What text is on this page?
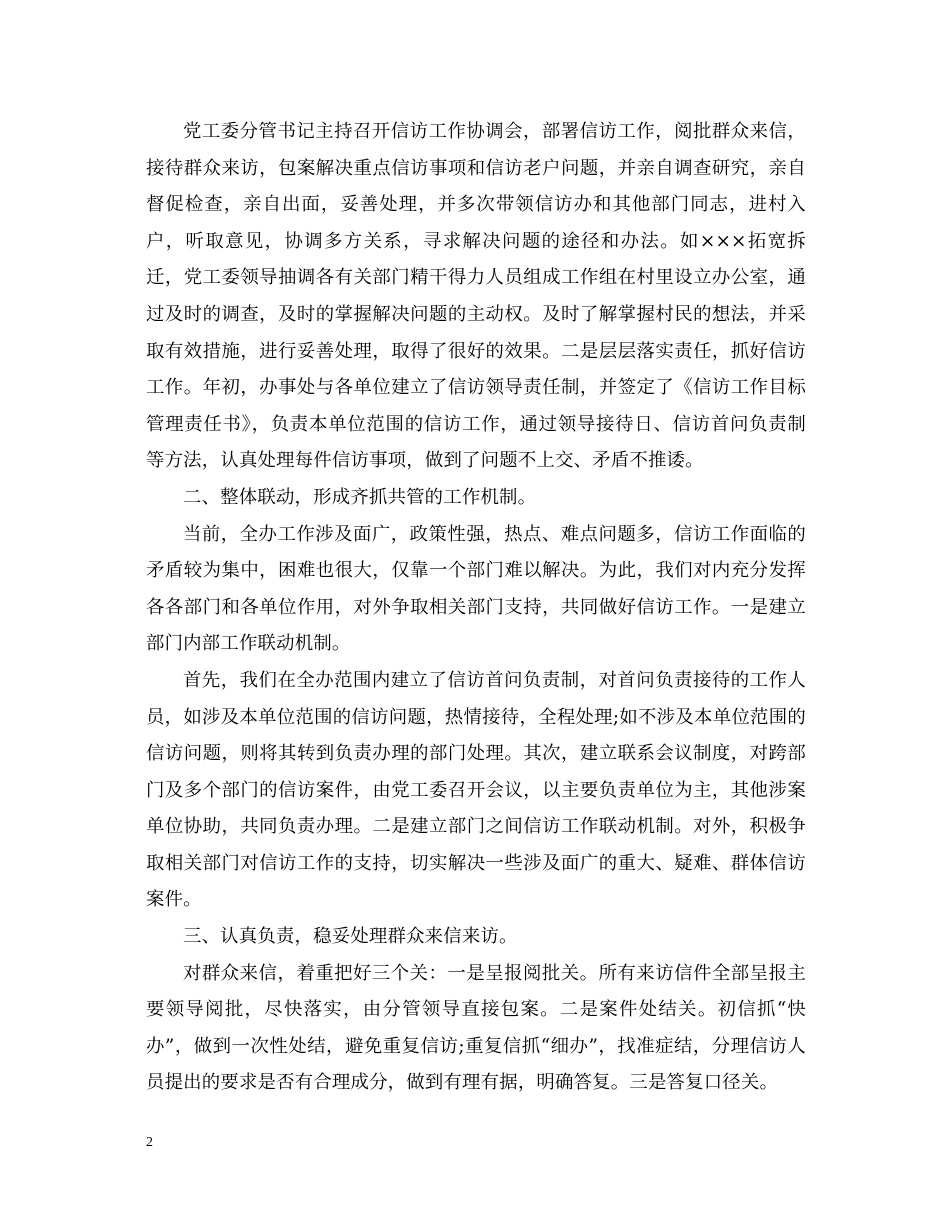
党工委分管书记主持召开信访工作协调会，部署信访工作，阅批群众来信，接待群众来访，包案解决重点信访事项和信访老户问题，并亲自调查研究，亲自督促检查，亲自出面，妥善处理，并多次带领信访办和其他部门同志，进村入户，听取意见，协调多方关系，寻求解决问题的途径和办法。如×××拓宽拆迁，党工委领导抽调各有关部门精干得力人员组成工作组在村里设立办公室，通过及时的调查，及时的掌握解决问题的主动权。及时了解掌握村民的想法，并采取有效措施，进行妥善处理，取得了很好的效果。二是层层落实责任，抓好信访工作。年初，办事处与各单位建立了信访领导责任制，并签定了《信访工作目标管理责任书》，负责本单位范围的信访工作，通过领导接待日、信访首问负责制等方法，认真处理每件信访事项，做到了问题不上交、矛盾不推诿。

二、整体联动，形成齐抓共管的工作机制。

当前，全办工作涉及面广，政策性强，热点、难点问题多，信访工作面临的矛盾较为集中，困难也很大，仅靠一个部门难以解决。为此，我们对内充分发挥各各部门和各单位作用，对外争取相关部门支持，共同做好信访工作。一是建立部门内部工作联动机制。

首先，我们在全办范围内建立了信访首问负责制，对首问负责接待的工作人员，如涉及本单位范围的信访问题，热情接待，全程处理;如不涉及本单位范围的信访问题，则将其转到负责办理的部门处理。其次，建立联系会议制度，对跨部门及多个部门的信访案件，由党工委召开会议，以主要负责单位为主，其他涉案单位协助，共同负责办理。二是建立部门之间信访工作联动机制。对外，积极争取相关部门对信访工作的支持，切实解决一些涉及面广的重大、疑难、群体信访案件。

三、认真负责，稳妥处理群众来信来访。

对群众来信，着重把好三个关：一是呈报阅批关。所有来访信件全部呈报主要领导阅批，尽快落实，由分管领导直接包案。二是案件处结关。初信抓“快办”，做到一次性处结，避免重复信访;重复信抓“细办”，找准症结，分理信访人员提出的要求是否有合理成分，做到有理有据，明确答复。三是答复口径关。

2
